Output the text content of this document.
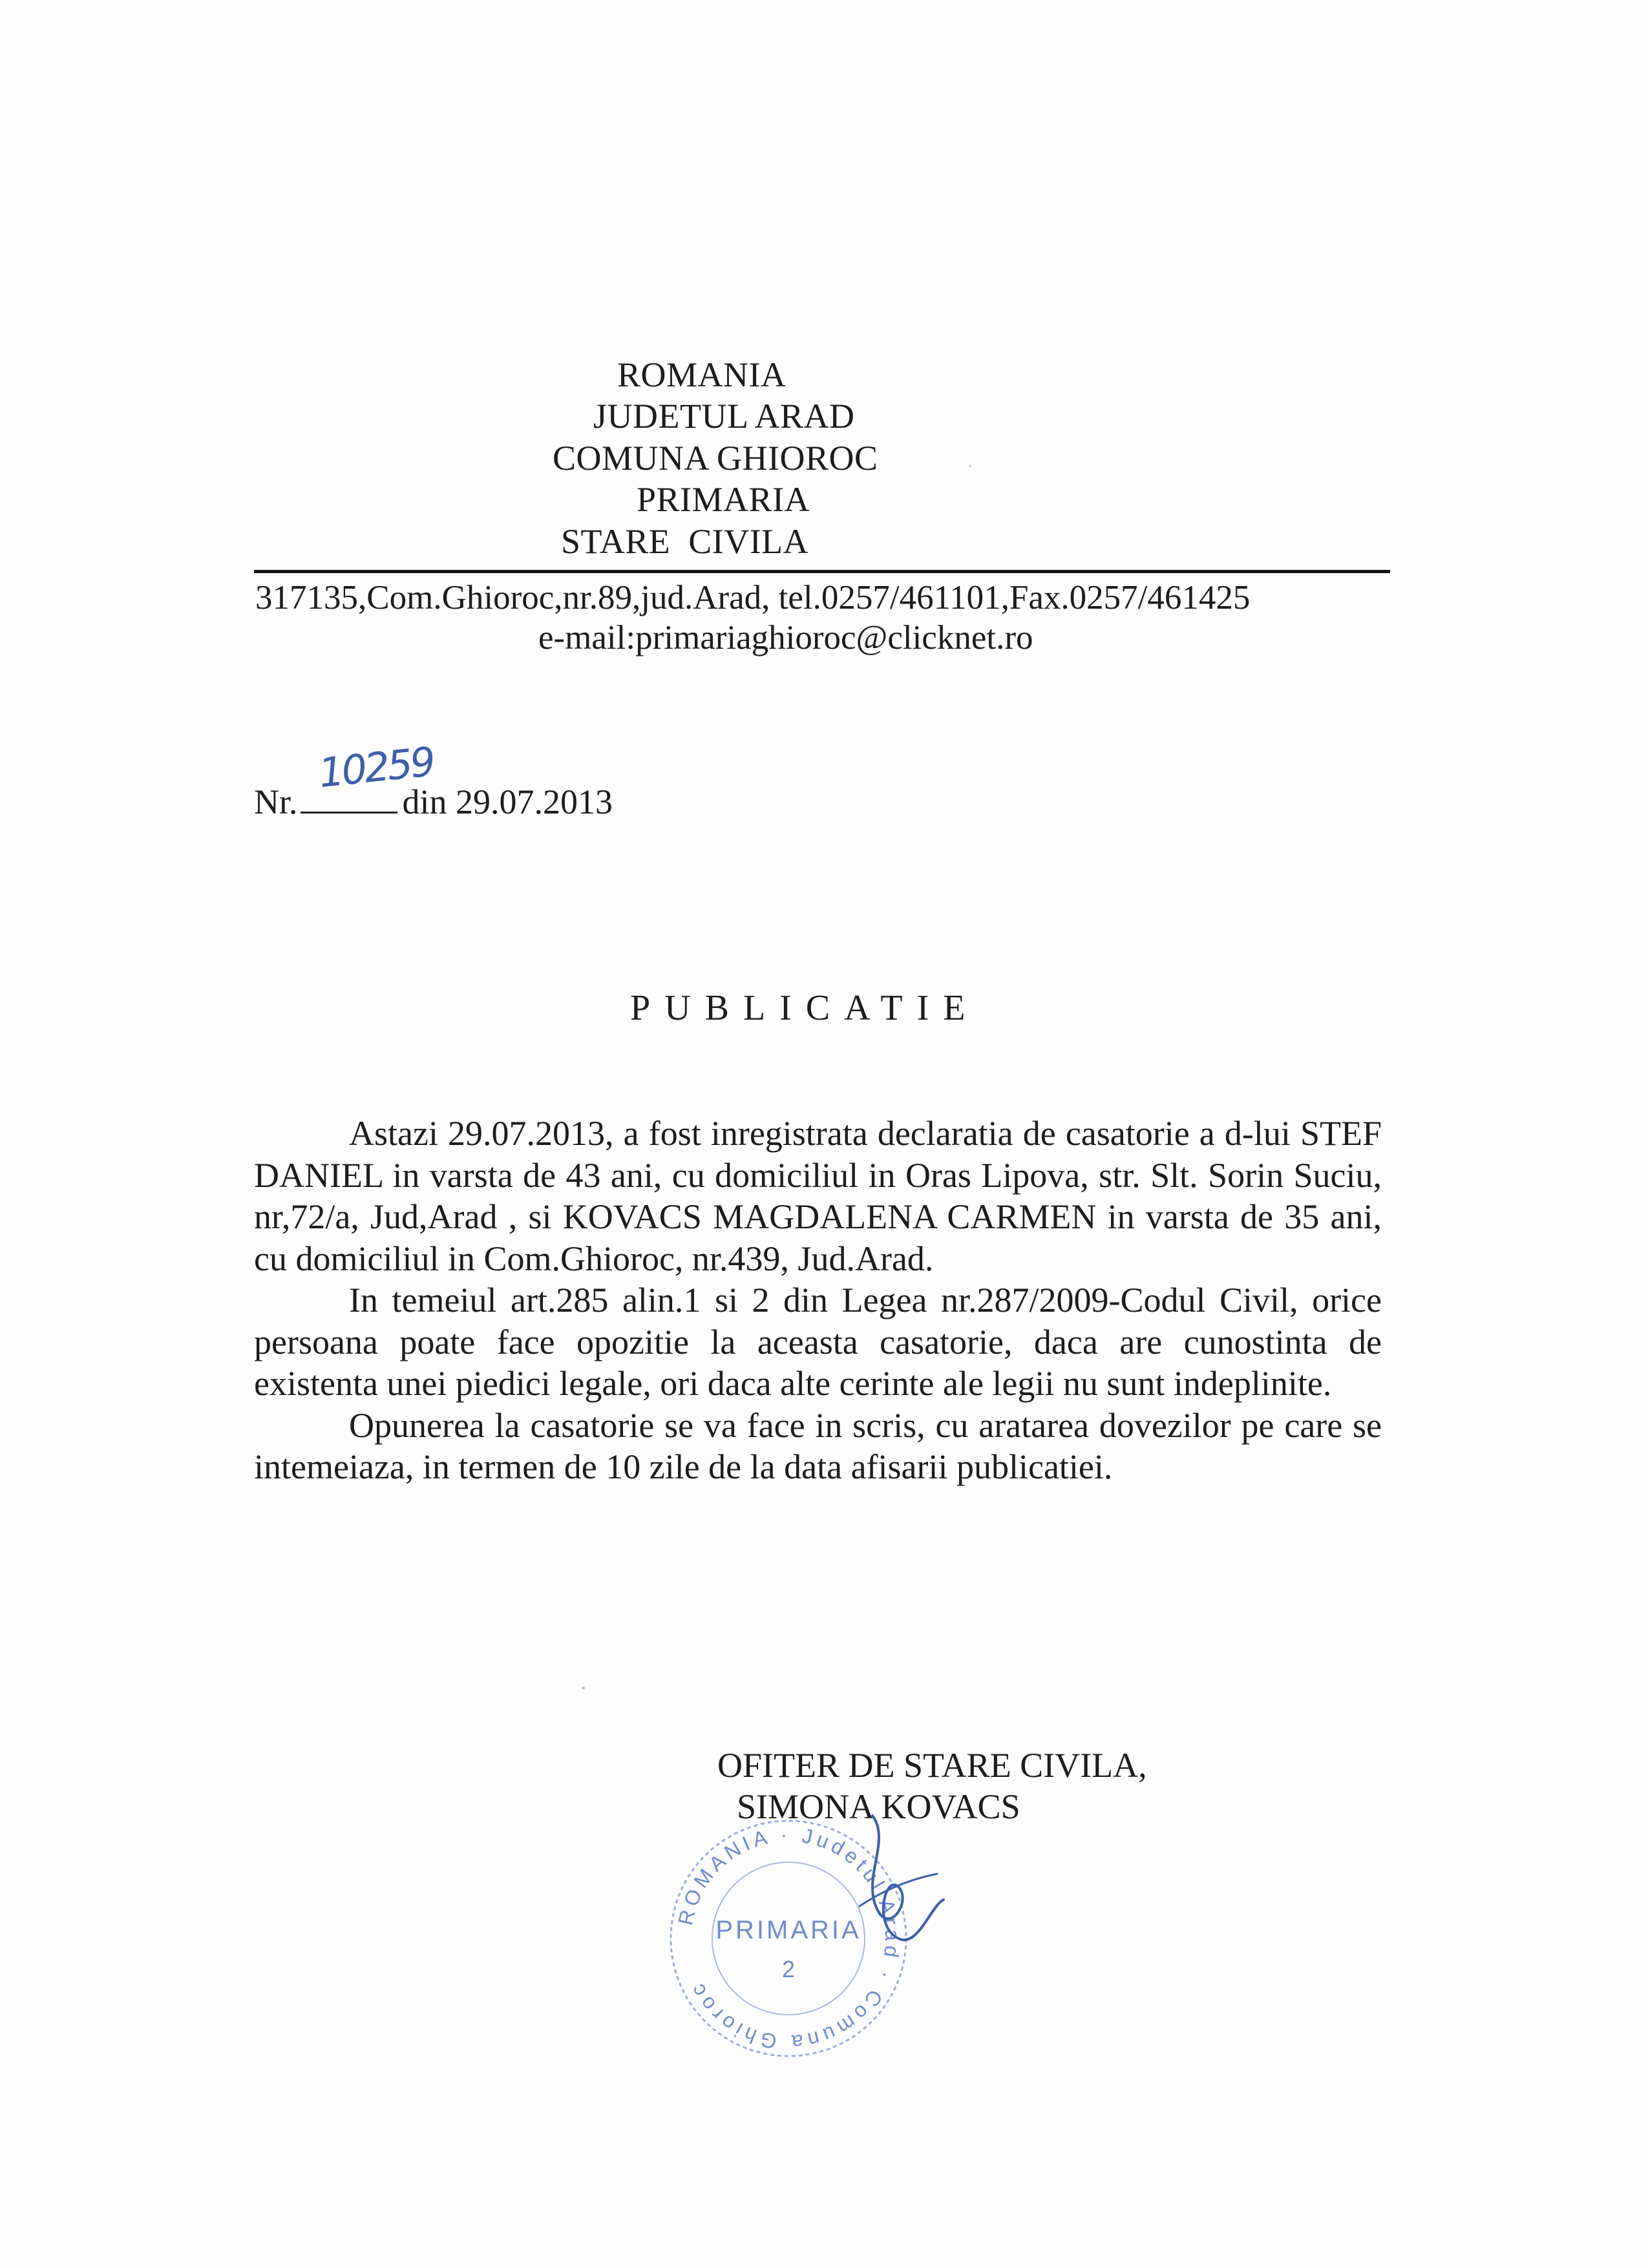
ROMANIA
JUDETUL ARAD
COMUNA GHIOROC
PRIMARIA
STARE  CIVILA
317135,Com.Ghioroc,nr.89,jud.Arad, tel.0257/461101,Fax.0257/461425
e-mail:primariaghioroc@clicknet.ro
Nr.
10259
din 29.07.2013
PUBLICATIE

Astazi 29.07.2013, a fost inregistrata declaratia de casatorie a d-lui STEF DANIEL in varsta de 43 ani, cu domiciliul in Oras Lipova, str. Slt. Sorin Suciu, nr,72/a, Jud,Arad , si KOVACS MAGDALENA CARMEN in varsta de 35 ani, cu domiciliul in Com.Ghioroc, nr.439, Jud.Arad.

In temeiul art.285 alin.1 si 2 din Legea nr.287/2009-Codul Civil, orice persoana poate face opozitie la aceasta casatorie, daca are cunostinta de existenta unei piedici legale, ori daca alte cerinte ale legii nu sunt indeplinite.

Opunerea la casatorie se va face in scris, cu aratarea dovezilor pe care se intemeiaza, in termen de 10 zile de la data afisarii publicatiei.

OFITER DE STARE CIVILA,
SIMONA KOVACS
ROMANIA · Judetul Arad · Comuna Ghioroc
PRIMARIA
2
